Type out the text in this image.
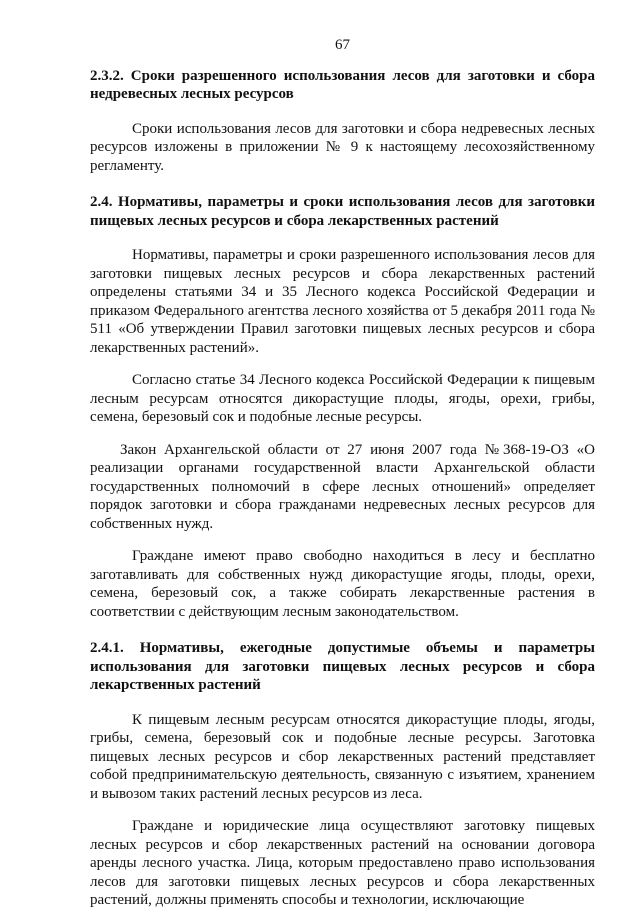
67
2.3.2. Сроки разрешенного использования лесов для заготовки и сбора недревесных лесных ресурсов

Сроки использования лесов для заготовки и сбора недревесных лесных ресурсов изложены в приложении № 9 к настоящему лесохозяйственному регламенту.

2.4. Нормативы, параметры и сроки использования лесов для заготовки пищевых лесных ресурсов и сбора лекарственных растений

Нормативы, параметры и сроки разрешенного использования лесов для заготовки пищевых лесных ресурсов и сбора лекарственных растений определены статьями 34 и 35 Лесного кодекса Российской Федерации и приказом Федерального агентства лесного хозяйства от 5 декабря 2011 года № 511 «Об утверждении Правил заготовки пищевых лесных ресурсов и сбора лекарственных растений».

Согласно статье 34 Лесного кодекса Российской Федерации к пищевым лесным ресурсам относятся дикорастущие плоды, ягоды, орехи, грибы, семена, березовый сок и подобные лесные ресурсы.

Закон Архангельской области от 27 июня 2007 года №368-19-ОЗ «О реализации органами государственной власти Архангельской области государственных полномочий в сфере лесных отношений» определяет порядок заготовки и сбора гражданами недревесных лесных ресурсов для собственных нужд.

Граждане имеют право свободно находиться в лесу и бесплатно заготавливать для собственных нужд дикорастущие ягоды, плоды, орехи, семена, березовый сок, а также собирать лекарственные растения в соответствии с действующим лесным законодательством.

2.4.1. Нормативы, ежегодные допустимые объемы и параметры использования для заготовки пищевых лесных ресурсов и сбора лекарственных растений

К пищевым лесным ресурсам относятся дикорастущие плоды, ягоды, грибы, семена, березовый сок и подобные лесные ресурсы. Заготовка пищевых лесных ресурсов и сбор лекарственных растений представляет собой предпринимательскую деятельность, связанную с изъятием, хранением и вывозом таких растений лесных ресурсов из леса.

Граждане и юридические лица осуществляют заготовку пищевых лесных ресурсов и сбор лекарственных растений на основании договора аренды лесного участка. Лица, которым предоставлено право использования лесов для заготовки пищевых лесных ресурсов и сбора лекарственных растений, должны применять способы и технологии, исключающие
